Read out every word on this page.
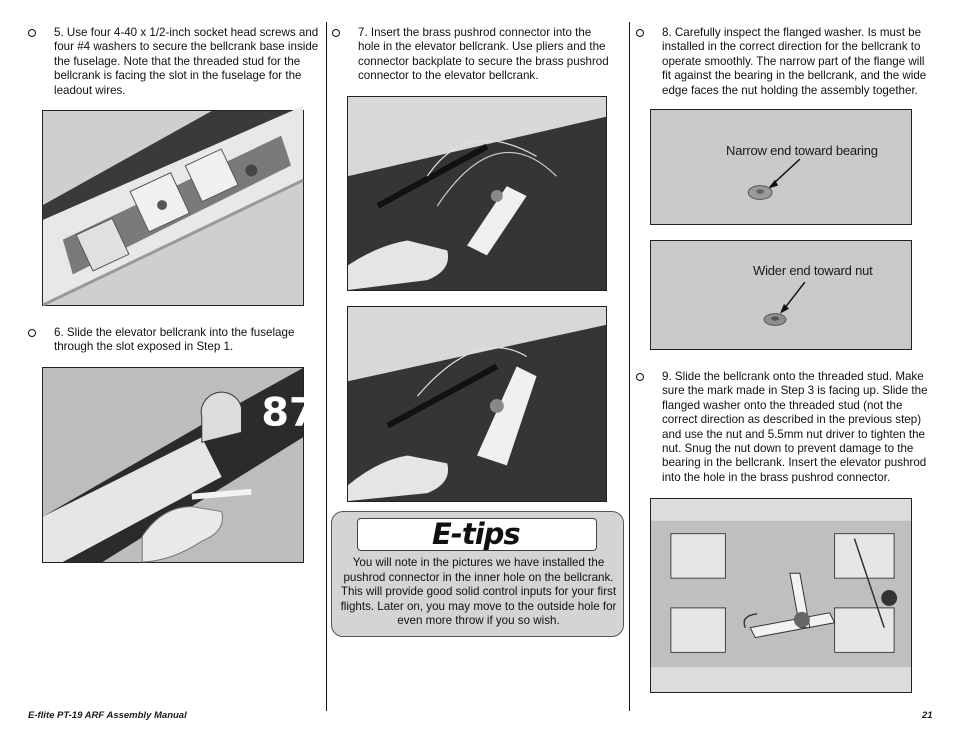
5. Use four 4-40 x 1/2-inch socket head screws and four #4 washers to secure the bellcrank base inside the fuselage. Note that the threaded stud for the bellcrank is facing the slot in the fuselage for the leadout wires.
6. Slide the elevator bellcrank into the fuselage through the slot exposed in Step 1.
87
7. Insert the brass pushrod connector into the hole in the elevator bellcrank. Use pliers and the connector backplate to secure the brass pushrod connector to the elevator bellcrank.
E-tips
You will note in the pictures we have installed the pushrod connector in the inner hole on the bellcrank. This will provide good solid control inputs for your first flights. Later on, you may move to the outside hole for even more throw if you so wish.
8. Carefully inspect the flanged washer. Is must be installed in the correct direction for the bellcrank to operate smoothly. The narrow part of the flange will fit against the bearing in the bellcrank, and the wide edge faces the nut holding the assembly together.
Narrow end toward bearing
Wider end toward nut
9. Slide the bellcrank onto the threaded stud. Make sure the mark made in Step 3 is facing up. Slide the flanged washer onto the threaded stud (not the correct direction as described in the previous step) and use the nut and 5.5mm nut driver to tighten the nut. Snug the nut down to prevent damage to the bearing in the bellcrank. Insert the elevator pushrod into the hole in the brass pushrod connector.
E-flite PT-19 ARF Assembly Manual	21
